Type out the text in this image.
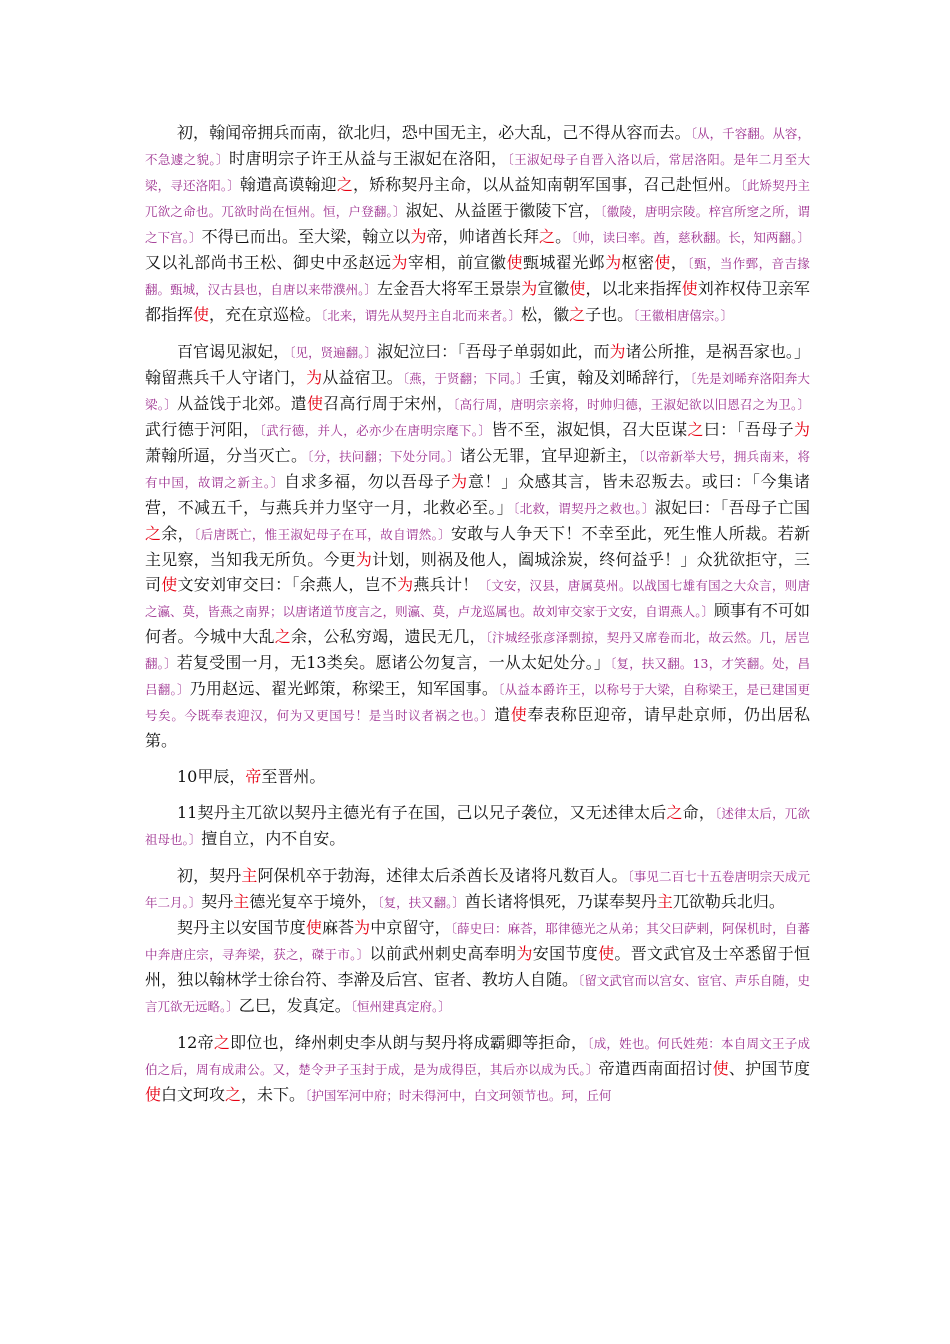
初，翰闻帝拥兵而南，欲北归，恐中国无主，必大乱，己不得从容而去。〔从，千容翻。从容，不急遽之貌。〕时唐明宗子许王从益与王淑妃在洛阳，〔王淑妃母子自晋入洛以后，常居洛阳。是年二月至大梁，寻还洛阳。〕翰遣高谟翰迎之，矫称契丹主命，以从益知南朝军国事，召己赴恒州。〔此矫契丹主兀欲之命也。兀欲时尚在恒州。恒，户登翻。〕淑妃、从益匿于徽陵下宫，〔徽陵，唐明宗陵。梓宫所窆之所，谓之下宫。〕不得已而出。至大梁，翰立以为帝，帅诸酋长拜之。〔帅，读曰率。酋，慈秋翻。长，知两翻。〕又以礼部尚书王松、御史中丞赵远为宰相，前宣徽使甄城翟光邺为枢密使，〔甄，当作鄄，音吉掾翻。甄城，汉古县也，自唐以来带濮州。〕左金吾大将军王景崇为宣徽使，以北来指挥使刘祚权侍卫亲军都指挥使，充在京巡检。〔北来，谓先从契丹主自北而来者。〕松，徽之子也。〔王徽相唐僖宗。〕

百官谒见淑妃，〔见，贤遍翻。〕淑妃泣曰：「吾母子单弱如此，而为诸公所推，是祸吾家也。」翰留燕兵千人守诸门，为从益宿卫。〔燕，于贤翻；下同。〕壬寅，翰及刘晞辞行，〔先是刘晞弃洛阳奔大梁。〕从益饯于北郊。遣使召高行周于宋州，〔高行周，唐明宗亲将，时帅归德，王淑妃欲以旧恩召之为卫。〕武行德于河阳，〔武行德，并人，必亦少在唐明宗麾下。〕皆不至，淑妃惧，召大臣谋之曰：「吾母子为萧翰所逼，分当灭亡。〔分，扶问翻；下处分同。〕诸公无罪，宜早迎新主，〔以帝新举大号，拥兵南来，将有中国，故谓之新主。〕自求多福，勿以吾母子为意！」众感其言，皆未忍叛去。或曰：「今集诸营，不减五千，与燕兵并力坚守一月，北救必至。」〔北救，谓契丹之救也。〕淑妃曰：「吾母子亡国之余，〔后唐既亡，惟王淑妃母子在耳，故自谓然。〕安敢与人争天下！不幸至此，死生惟人所裁。若新主见察，当知我无所负。今更为计划，则祸及他人，阖城涂炭，终何益乎！」众犹欲拒守，三司使文安刘审交曰：「余燕人，岂不为燕兵计！〔文安，汉县，唐属莫州。以战国七雄有国之大众言，则唐之瀛、莫，皆燕之南界；以唐诸道节度言之，则瀛、莫，卢龙巡属也。故刘审交家于文安，自谓燕人。〕顾事有不可如何者。今城中大乱之余，公私穷竭，遗民无几，〔汴城经张彦泽剽掠，契丹又席卷而北，故云然。几，居岂翻。〕若复受围一月，无13类矣。愿诸公勿复言，一从太妃处分。」〔复，扶又翻。13，才笑翻。处，昌吕翻。〕乃用赵远、翟光邺策，称梁王，知军国事。〔从益本爵许王，以称号于大梁，自称梁王，是已建国更号矣。今既奉表迎汉，何为又更国号！是当时议者祸之也。〕遣使奉表称臣迎帝，请早赴京师，仍出居私第。

10甲辰，帝至晋州。

11契丹主兀欲以契丹主德光有子在国，己以兄子袭位，又无述律太后之命，〔述律太后，兀欲祖母也。〕擅自立，内不自安。

初，契丹主阿保机卒于勃海，述律太后杀酋长及诸将凡数百人。〔事见二百七十五卷唐明宗天成元年二月。〕契丹主德光复卒于境外，〔复，扶又翻。〕酋长诸将惧死，乃谋奉契丹主兀欲勒兵北归。

契丹主以安国节度使麻荅为中京留守，〔薛史曰：麻荅，耶律德光之从弟；其父曰萨剌，阿保机时，自蕃中奔唐庄宗，寻奔梁，获之，磔于市。〕以前武州刺史高奉明为安国节度使。晋文武官及士卒悉留于恒州，独以翰林学士徐台符、李澣及后宫、宦者、教坊人自随。〔留文武官而以宫女、宦官、声乐自随，史言兀欲无远略。〕乙巳，发真定。〔恒州建真定府。〕

12帝之即位也，绛州刺史李从朗与契丹将成霸卿等拒命，〔成，姓也。何氏姓苑：本自周文王子成伯之后，周有成肃公。又，楚令尹子玉封于成，是为成得臣，其后亦以成为氏。〕帝遣西南面招讨使、护国节度使白文珂攻之，未下。〔护国军河中府；时未得河中，白文珂领节也。珂，丘何
